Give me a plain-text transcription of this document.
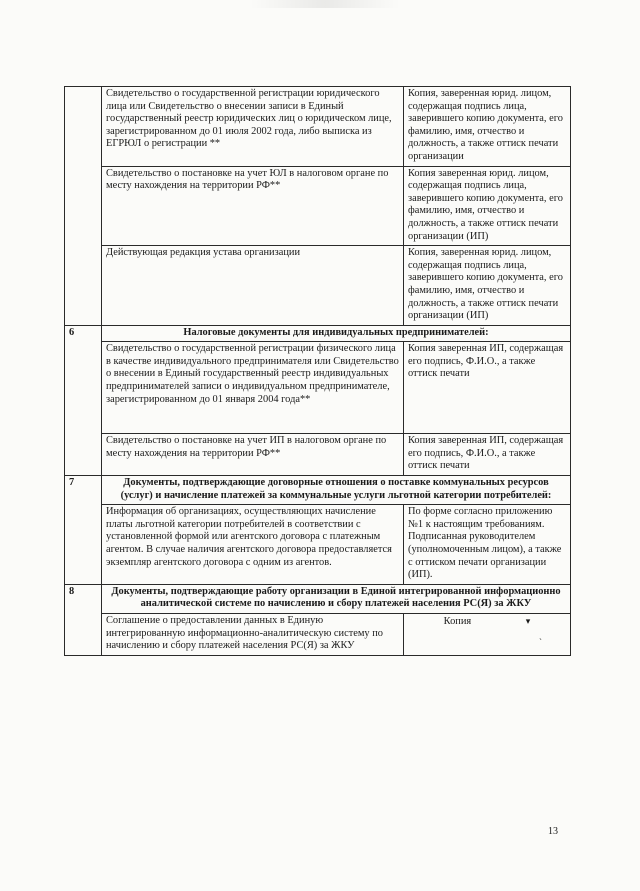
	Свидетельство о государственной регистрации юридического лица или Свидетельство о внесении записи в Единый государственный реестр юридических лиц о юридическом лице, зарегистрированном до 01 июля 2002 года, либо выписка из ЕГРЮЛ о регистрации **	Копия, заверенная юрид. лицом, содержащая подпись лица, заверившего копию документа, его фамилию, имя, отчество и должность, а также оттиск печати организации
	Свидетельство о постановке на учет ЮЛ в налоговом органе по месту нахождения на территории РФ**	Копия заверенная юрид. лицом, содержащая подпись лица, заверившего копию документа, его фамилию, имя, отчество и должность, а также оттиск печати организации (ИП)
	Действующая редакция устава организации	Копия, заверенная юрид. лицом, содержащая подпись лица, заверившего копию документа, его фамилию, имя, отчество и должность, а также оттиск печати организации (ИП)
6	Налоговые документы для индивидуальных предпринимателей:	
	Свидетельство о государственной регистрации физического лица в качестве индивидуального предпринимателя или Свидетельство о внесении в Единый государственный реестр индивидуальных предпринимателей записи о индивидуальном предпринимателе, зарегистрированном до 01 января 2004 года**	Копия заверенная ИП, содержащая его подпись, Ф.И.О., а также оттиск печати
	Свидетельство о постановке на учет ИП в налоговом органе по месту нахождения на территории РФ**	Копия заверенная ИП, содержащая его подпись, Ф.И.О., а также оттиск печати
7	Документы, подтверждающие договорные отношения о поставке коммунальных ресурсов (услуг) и начисление платежей за коммунальные услуги льготной категории потребителей:	
	Информация об организациях, осуществляющих начисление платы льготной категории потребителей в соответствии с установленной формой или агентского договора с платежным агентом. В случае наличия агентского договора предоставляется экземпляр агентского договора с одним из агентов.	По форме согласно приложению №1 к настоящим требованиям. Подписанная руководителем (уполномоченным лицом), а также с оттиском печати организации (ИП).
8	Документы, подтверждающие работу организации в Единой интегрированной информационно аналитической системе по начислению и сбору платежей населения РС(Я) за ЖКУ	
	Соглашение о предоставлении данных в Единую интегрированную информационно-аналитическую систему по начислению и сбору платежей населения РС(Я) за ЖКУ	Копия ▾
ˏ
13
